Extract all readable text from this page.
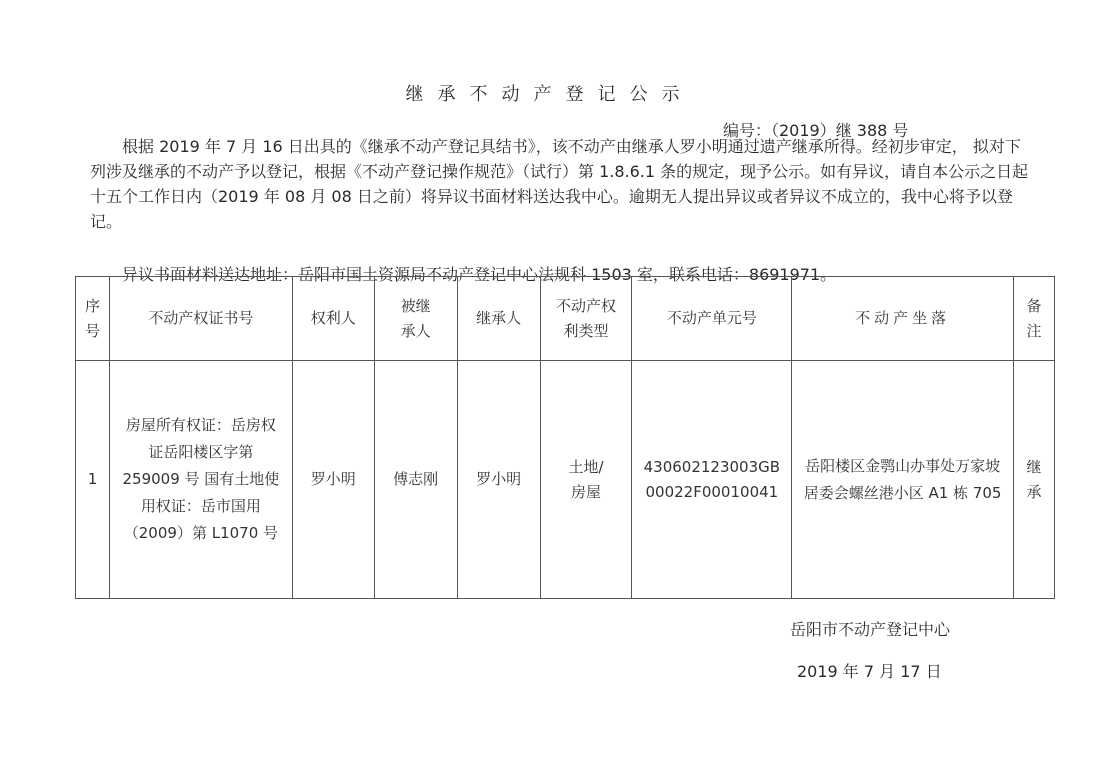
继承不动产登记公示
编号：（2019）继 388 号
根据 2019 年 7 月 16 日出具的《继承不动产登记具结书》，该不动产由继承人罗小明通过遗产继承所得。经初步审定， 拟对下列涉及继承的不动产予以登记，根据《不动产登记操作规范》（试行）第 1.8.6.1 条的规定，现予公示。如有异议，请自本公示之日起十五个工作日内（2019 年 08 月 08 日之前）将异议书面材料送达我中心。逾期无人提出异议或者异议不成立的，我中心将予以登记。
异议书面材料送达地址：岳阳市国土资源局不动产登记中心法规科 1503 室，联系电话：8691971。
序号	不动产权证书号	权利人	被继承人	继承人	不动产权利类型	不动产单元号	不动产坐落	备注
1	房屋所有权证：岳房权证岳阳楼区字第 259009 号 国有土地使用权证：岳市国用（2009）第 L1070 号	罗小明	傅志刚	罗小明	土地/房屋	430602123003GB00022F00010041	岳阳楼区金鹗山办事处万家坡居委会螺丝港小区 A1 栋 705	继承
岳阳市不动产登记中心
2019 年 7 月 17 日
